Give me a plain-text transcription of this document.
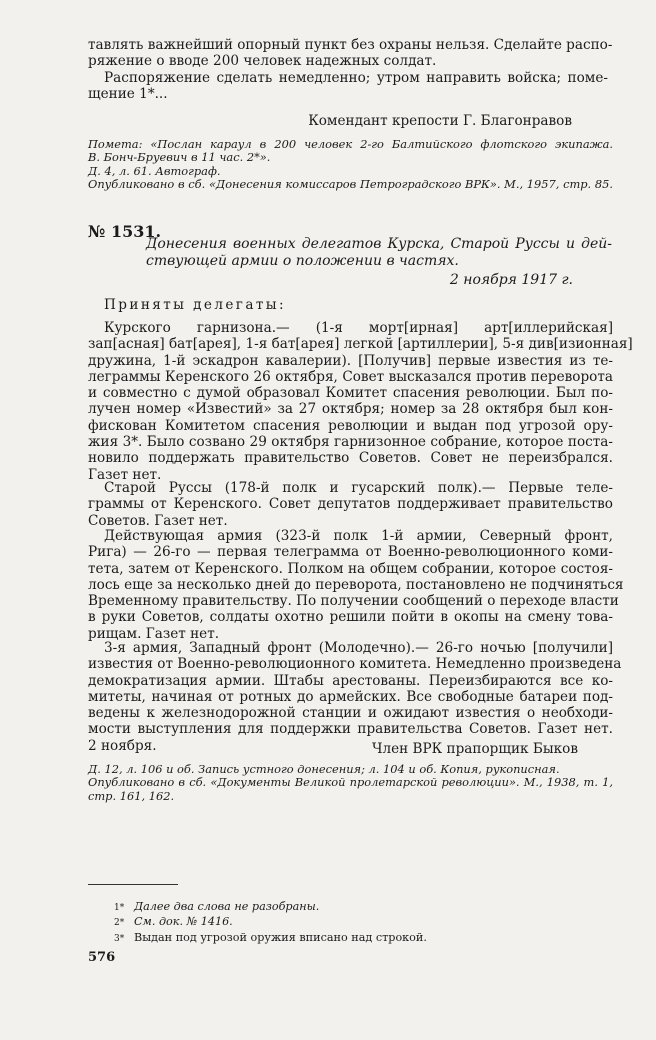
тавлять важнейший опорный пункт без охраны нельзя. Сделайте распо-
ряжение о вводе 200 человек надежных солдат.
Распоряжение сделать немедленно; утром направить войска; поме-
щение 1*...

Комендант крепости Г. Благонравов

Помета: «Послан караул в 200 человек 2-го Балтийского флотского экипажа.
В. Бонч-Бруевич в 11 час. 2*».
Д. 4, л. 61. Автограф.
Опубликовано в сб. «Донесения комиссаров Петроградского ВРК». М., 1957, стр. 85.

№ 1531.
Донесения военных делегатов Курска, Старой Руссы и дей-
ствующей армии о положении в частях.
2 ноября 1917 г.
Приняты делегаты:

Курского гарнизона.— (1-я морт[ирная] арт[иллерийская]
зап[асная] бат[арея], 1-я бат[арея] легкой [артиллерии], 5-я див[изионная]
дружина, 1-й эскадрон кавалерии). [Получив] первые известия из те-
леграммы Керенского 26 октября, Совет высказался против переворота
и совместно с думой образовал Комитет спасения революции. Был по-
лучен номер «Известий» за 27 октября; номер за 28 октября был кон-
фискован Комитетом спасения революции и выдан под угрозой ору-
жия 3*. Было созвано 29 октября гарнизонное собрание, которое поста-
новило поддержать правительство Советов. Совет не переизбрался.
Газет нет.

Старой Руссы (178-й полк и гусарский полк).— Первые теле-
граммы от Керенского. Совет депутатов поддерживает правительство
Советов. Газет нет.

Действующая армия (323-й полк 1-й армии, Северный фронт,
Рига) — 26-го — первая телеграмма от Военно-революционного коми-
тета, затем от Керенского. Полком на общем собрании, которое состоя-
лось еще за несколько дней до переворота, постановлено не подчиняться
Временному правительству. По получении сообщений о переходе власти
в руки Советов, солдаты охотно решили пойти в окопы на смену това-
рищам. Газет нет.

3-я армия, Западный фронт (Молодечно).— 26-го ночью [получили]
известия от Военно-революционного комитета. Немедленно произведена
демократизация армии. Штабы арестованы. Переизбираются все ко-
митеты, начиная от ротных до армейских. Все свободные батареи под-
ведены к железнодорожной станции и ожидают известия о необходи-
мости выступления для поддержки правительства Советов. Газет нет.
2 ноября.	Член ВРК прапорщик Быков

Д. 12, л. 106 и об. Запись устного донесения; л. 104 и об. Копия, рукописная.
Опубликовано в сб. «Документы Великой пролетарской революции». М., 1938, т. 1,
стр. 161, 162.

1* Далее два слова не разобраны.

2* См. док. № 1416.

3* Выдан под угрозой оружия вписано над строкой.

576
